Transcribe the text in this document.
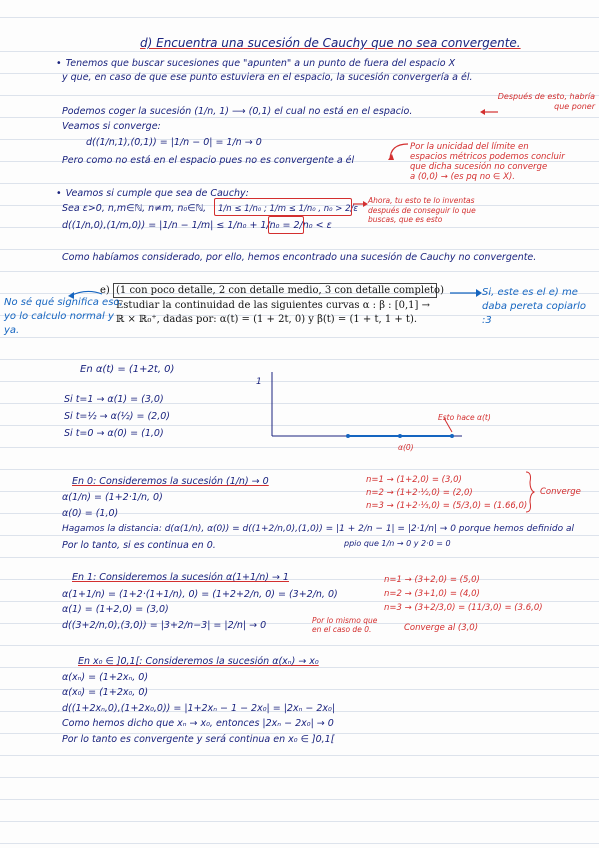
d) Encuentra una sucesión de Cauchy que no sea convergente.
• Tenemos que buscar sucesiones que "apunten" a un punto de fuera del espacio X
y que, en caso de que ese punto estuviera en el espacio, la sucesión convergería a él.
Podemos coger la sucesión (1/n, 1) ⟶ (0,1) el cual no está en el espacio.
Después de esto, habría que poner
Veamos si converge:
d((1/n,1),(0,1)) = |1/n − 0| = 1/n → 0
Pero como no está en el espacio pues no es convergente a él
Por la unicidad del límite en
espacios métricos podemos concluir
que dicha sucesión no converge
a (0,0) → (es pq no ∈ X).
• Veamos si cumple que sea de Cauchy:
Sea ε>0, n,m∈ℕ, n≠m, n₀∈ℕ, 1/n ≤ 1/n₀ ; 1/m ≤ 1/n₀ , n₀ > 2/ε
Ahora, tu esto te lo inventas después de conseguir lo que buscas, que es esto
d((1/n,0),(1/m,0)) = |1/n − 1/m| ≤ 1/n₀ + 1/n₀ = 2/n₀ < ε
Como habíamos considerado, por ello, hemos encontrado una sucesión de Cauchy no convergente.
e) (1 con poco detalle, 2 con detalle medio, 3 con detalle completo)
Estudiar la continuidad de las siguientes curvas α : β : [0,1] →
ℝ × ℝ₀⁺, dadas por: α(t) = (1 + 2t, 0) y β(t) = (1 + t, 1 + t).
No sé qué significa eso, yo lo calculo normal y ya.
Si, este es el e) me daba pereta copiarlo :3
En α(t) = (1+2t, 0)
Si t=1 → α(1) = (3,0)
Si t=½ → α(½) = (2,0)
Si t=0 → α(0) = (1,0)
1
Esto hace α(t)
α(0)
En 0: Consideremos la sucesión (1/n) → 0
α(1/n) = (1+2·1/n, 0)
α(0) = (1,0)
Hagamos la distancia: d(α(1/n), α(0)) = d((1+2/n,0),(1,0)) = |1 + 2/n − 1| = |2·1/n| → 0 porque hemos definido al
Por lo tanto, si es continua en 0.	ppio que 1/n → 0 y 2·0 = 0
n=1 → (1+2,0) = (3,0)
n=2 → (1+2·½,0) = (2,0)
n=3 → (1+2·⅓,0) = (5/3,0) = (1.66,0)
Converge
En 1: Consideremos la sucesión α(1+1/n) → 1
α(1+1/n) = (1+2·(1+1/n), 0) = (1+2+2/n, 0) = (3+2/n, 0)
α(1) = (1+2,0) = (3,0)
d((3+2/n,0),(3,0)) = |3+2/n−3| = |2/n| → 0	Por lo mismo que en el caso de 0.
n=1 → (3+2,0) = (5,0)
n=2 → (3+1,0) = (4,0)
n=3 → (3+2/3,0) = (11/3,0) = (3.6,0)
Converge al (3,0)
En x₀ ∈ ]0,1[: Consideremos la sucesión α(xₙ) → x₀
α(xₙ) = (1+2xₙ, 0)
α(x₀) = (1+2x₀, 0)
d((1+2xₙ,0),(1+2x₀,0)) = |1+2xₙ − 1 − 2x₀| = |2xₙ − 2x₀|
Como hemos dicho que xₙ → x₀, entonces |2xₙ − 2x₀| → 0
Por lo tanto es convergente y será continua en x₀ ∈ ]0,1[
